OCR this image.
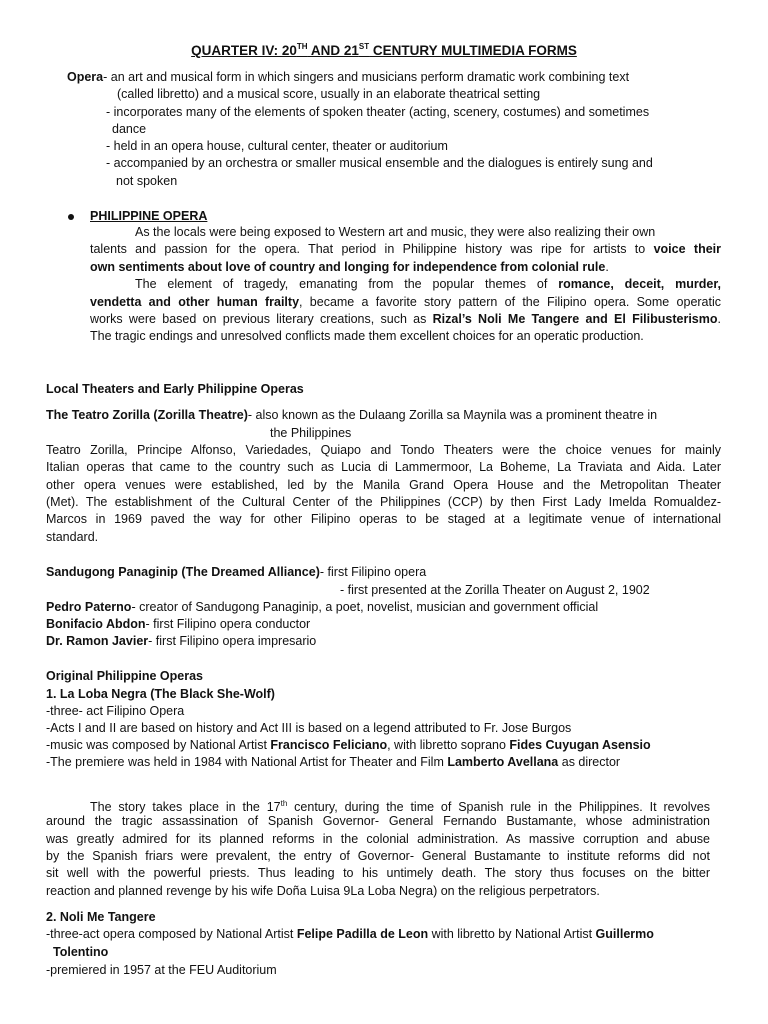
QUARTER IV: 20TH AND 21ST CENTURY MULTIMEDIA FORMS
Opera- an art and musical form in which singers and musicians perform dramatic work combining text
(called libretto) and a musical score, usually in an elaborate theatrical setting
- incorporates many of the elements of spoken theater (acting, scenery, costumes) and sometimes
dance
- held in an opera house, cultural center, theater or auditorium
- accompanied by an orchestra or smaller musical ensemble and the dialogues is entirely sung and
not spoken
PHILIPPINE OPERA
As the locals were being exposed to Western art and music, they were also realizing their own
talents and passion for the opera. That period in Philippine history was ripe for artists to voice their
own sentiments about love of country and longing for independence from colonial rule.
The element of tragedy, emanating from the popular themes of romance, deceit, murder,
vendetta and other human frailty, became a favorite story pattern of the Filipino opera. Some operatic
works were based on previous literary creations, such as Rizal’s Noli Me Tangere and El Filibusterismo.
The tragic endings and unresolved conflicts made them excellent choices for an operatic production.
Local Theaters and Early Philippine Operas
The Teatro Zorilla (Zorilla Theatre)- also known as the Dulaang Zorilla sa Maynila was a prominent theatre in
the Philippines
Teatro Zorilla, Principe Alfonso, Variedades, Quiapo and Tondo Theaters were the choice venues for mainly
Italian operas that came to the country such as Lucia di Lammermoor, La Boheme, La Traviata and Aida. Later
other opera venues were established, led by the Manila Grand Opera House and the Metropolitan Theater
(Met). The establishment of the Cultural Center of the Philippines (CCP) by then First Lady Imelda Romualdez-
Marcos in 1969 paved the way for other Filipino operas to be staged at a legitimate venue of international
standard.
Sandugong Panaginip (The Dreamed Alliance)- first Filipino opera
- first presented at the Zorilla Theater on August 2, 1902
Pedro Paterno- creator of Sandugong Panaginip, a poet, novelist, musician and government official
Bonifacio Abdon- first Filipino opera conductor
Dr. Ramon Javier- first Filipino opera impresario
Original Philippine Operas
1. La Loba Negra (The Black She-Wolf)
-three- act Filipino Opera
-Acts I and II are based on history and Act III is based on a legend attributed to Fr. Jose Burgos
-music was composed by National Artist Francisco Feliciano, with libretto soprano Fides Cuyugan Asensio
-The premiere was held in 1984 with National Artist for Theater and Film Lamberto Avellana as director
The story takes place in the 17th century, during the time of Spanish rule in the Philippines. It revolves
around the tragic assassination of Spanish Governor- General Fernando Bustamante, whose administration
was greatly admired for its planned reforms in the colonial administration. As massive corruption and abuse
by the Spanish friars were prevalent, the entry of Governor- General Bustamante to institute reforms did not
sit well with the powerful priests. Thus leading to his untimely death. The story thus focuses on the bitter
reaction and planned revenge by his wife Doña Luisa 9La Loba Negra) on the religious perpetrators.
2. Noli Me Tangere
-three-act opera composed by National Artist Felipe Padilla de Leon with libretto by National Artist Guillermo
Tolentino
-premiered in 1957 at the FEU Auditorium
